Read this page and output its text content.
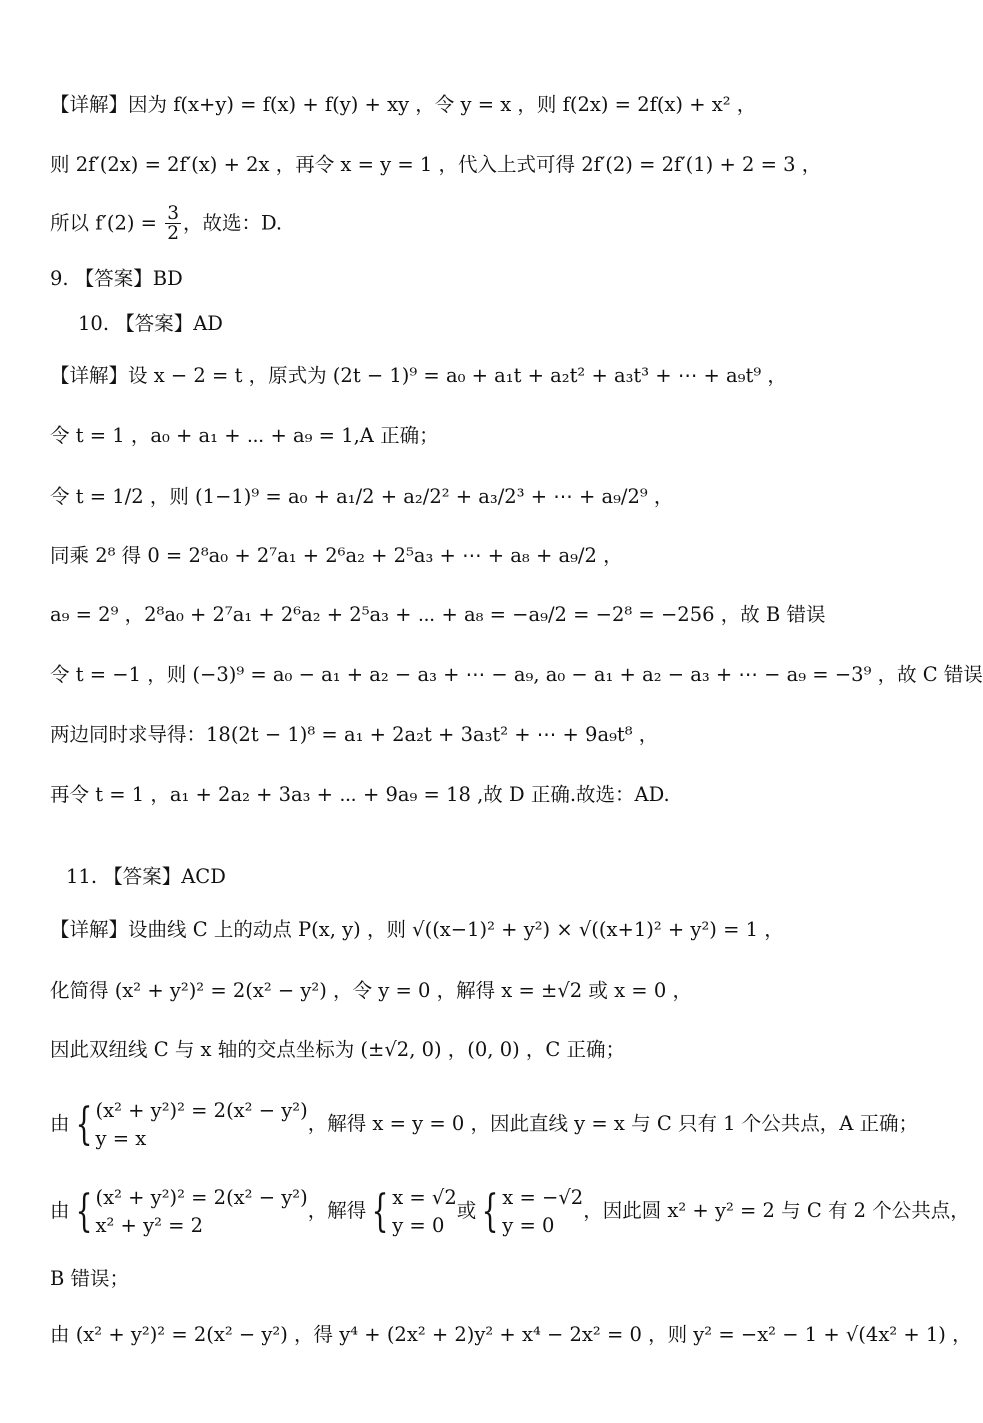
【详解】因为 f(x+y) = f(x) + f(y) + xy ，令 y = x ，则 f(2x) = 2f(x) + x² ，
则 2f′(2x) = 2f′(x) + 2x ，再令 x = y = 1 ，代入上式可得 2f′(2) = 2f′(1) + 2 = 3 ，
所以 $f'(2) = \frac{3}{2}$ ，故选：D.
9. 【答案】BD
10. 【答案】AD
【详解】设 x − 2 = t ，原式为 (2t − 1)⁹ = a₀ + a₁t + a₂t² + a₃t³ + ⋯ + a₉t⁹ ，
令 t = 1 ，a₀ + a₁ + ⋯ + a₉ = 1,A 正确；
令 t = 1/2 ，则 (1−1)⁹ = a₀ + a₁/2 + a₂/2² + a₃/2³ + ⋯ + a₉/2⁹ ，
同乘 2⁸ 得 0 = 2⁸a₀ + 2⁷a₁ + 2⁶a₂ + 2⁵a₃ + ⋯ + a₈ + a₉/2 ，
a₉ = 2⁹ ，2⁸a₀ + 2⁷a₁ + 2⁶a₂ + 2⁵a₃ + ⋯ + a₈ = −a₉/2 = −2⁸ = −256 ，故 B 错误
令 t = −1 ，则 (−3)⁹ = a₀ − a₁ + a₂ − a₃ + ⋯ − a₉, a₀ − a₁ + a₂ − a₃ + ⋯ − a₉ = −3⁹ ，故 C 错误
两边同时求导得：18(2t − 1)⁸ = a₁ + 2a₂t + 3a₃t² + ⋯ + 9a₉t⁸ ，
再令 t = 1 ，a₁ + 2a₂ + 3a₃ + ⋯ + 9a₉ = 18 ,故 D 正确.故选：AD.
11. 【答案】ACD
【详解】设曲线 C 上的动点 P(x, y) ，则 √((x−1)² + y²) × √((x+1)² + y²) = 1 ，
化简得 (x² + y²)² = 2(x² − y²) ，令 y = 0 ，解得 x = ±√2 或 x = 0 ，
因此双纽线 C 与 x 轴的交点坐标为 (±√2, 0) ，(0, 0) ，C 正确；
由 { (x² + y²)² = 2(x² − y²)
y = x
，解得 x = y = 0 ，因此直线 y = x 与 C 只有 1 个公共点，A 正确；
由 { (x² + y²)² = 2(x² − y²)
x² + y² = 2
，解得 { x = √2
y = 0
或 { x = −√2
y = 0
，因此圆 x² + y² = 2 与 C 有 2 个公共点，
B 错误；
由 (x² + y²)² = 2(x² − y²) ，得 y⁴ + (2x² + 2)y² + x⁴ − 2x² = 0 ，则 y² = −x² − 1 + √(4x² + 1) ，
